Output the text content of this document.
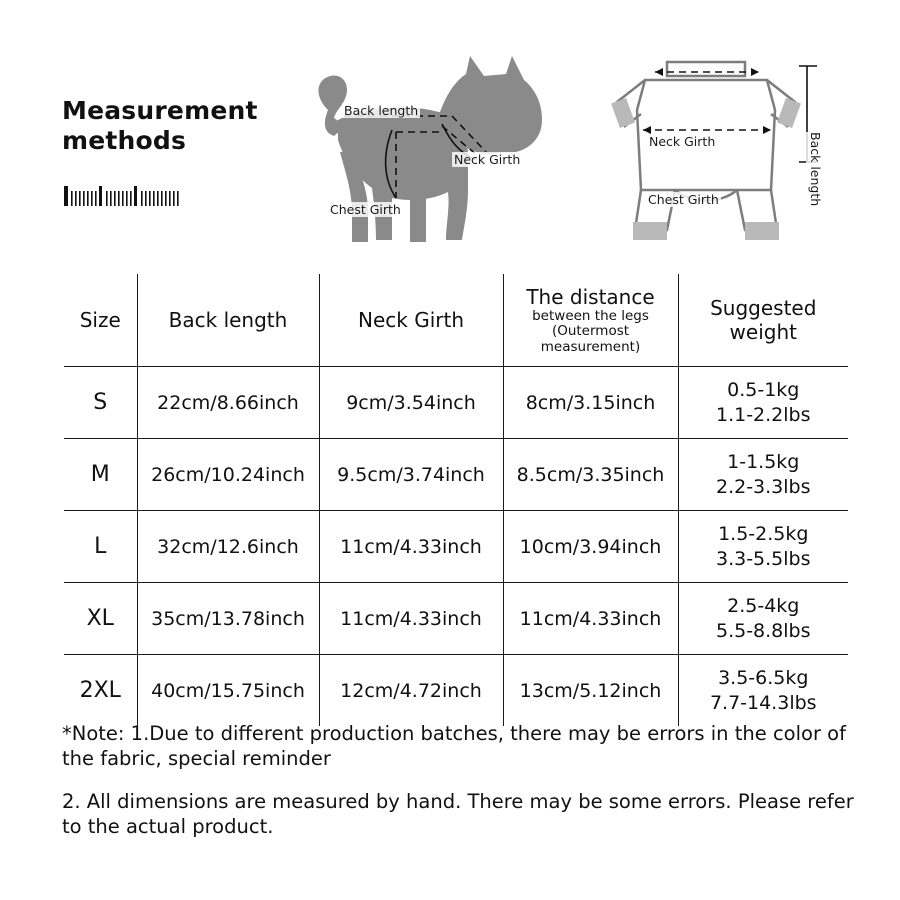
Measurement
methods
Back length
Neck Girth
Chest Girth
Neck Girth
Chest Girth	Back length
Size	Back length	Neck Girth	The distance
between the legs
(Outermost
measurement)	Suggested weight
S	22cm/8.66inch	9cm/3.54inch	8cm/3.15inch	0.5-1kg
1.1-2.2lbs

M	26cm/10.24inch	9.5cm/3.74inch	8.5cm/3.35inch	1-1.5kg
2.2-3.3lbs

L	32cm/12.6inch	11cm/4.33inch	10cm/3.94inch	1.5-2.5kg
3.3-5.5lbs

XL	35cm/13.78inch	11cm/4.33inch	11cm/4.33inch	2.5-4kg
5.5-8.8lbs

2XL	40cm/15.75inch	12cm/4.72inch	13cm/5.12inch	3.5-6.5kg
7.7-14.3lbs

*Note: 1.Due to different production batches, there may be errors in the color of the fabric, special reminder

2. All dimensions are measured by hand. There may be some errors. Please refer to the actual product.
